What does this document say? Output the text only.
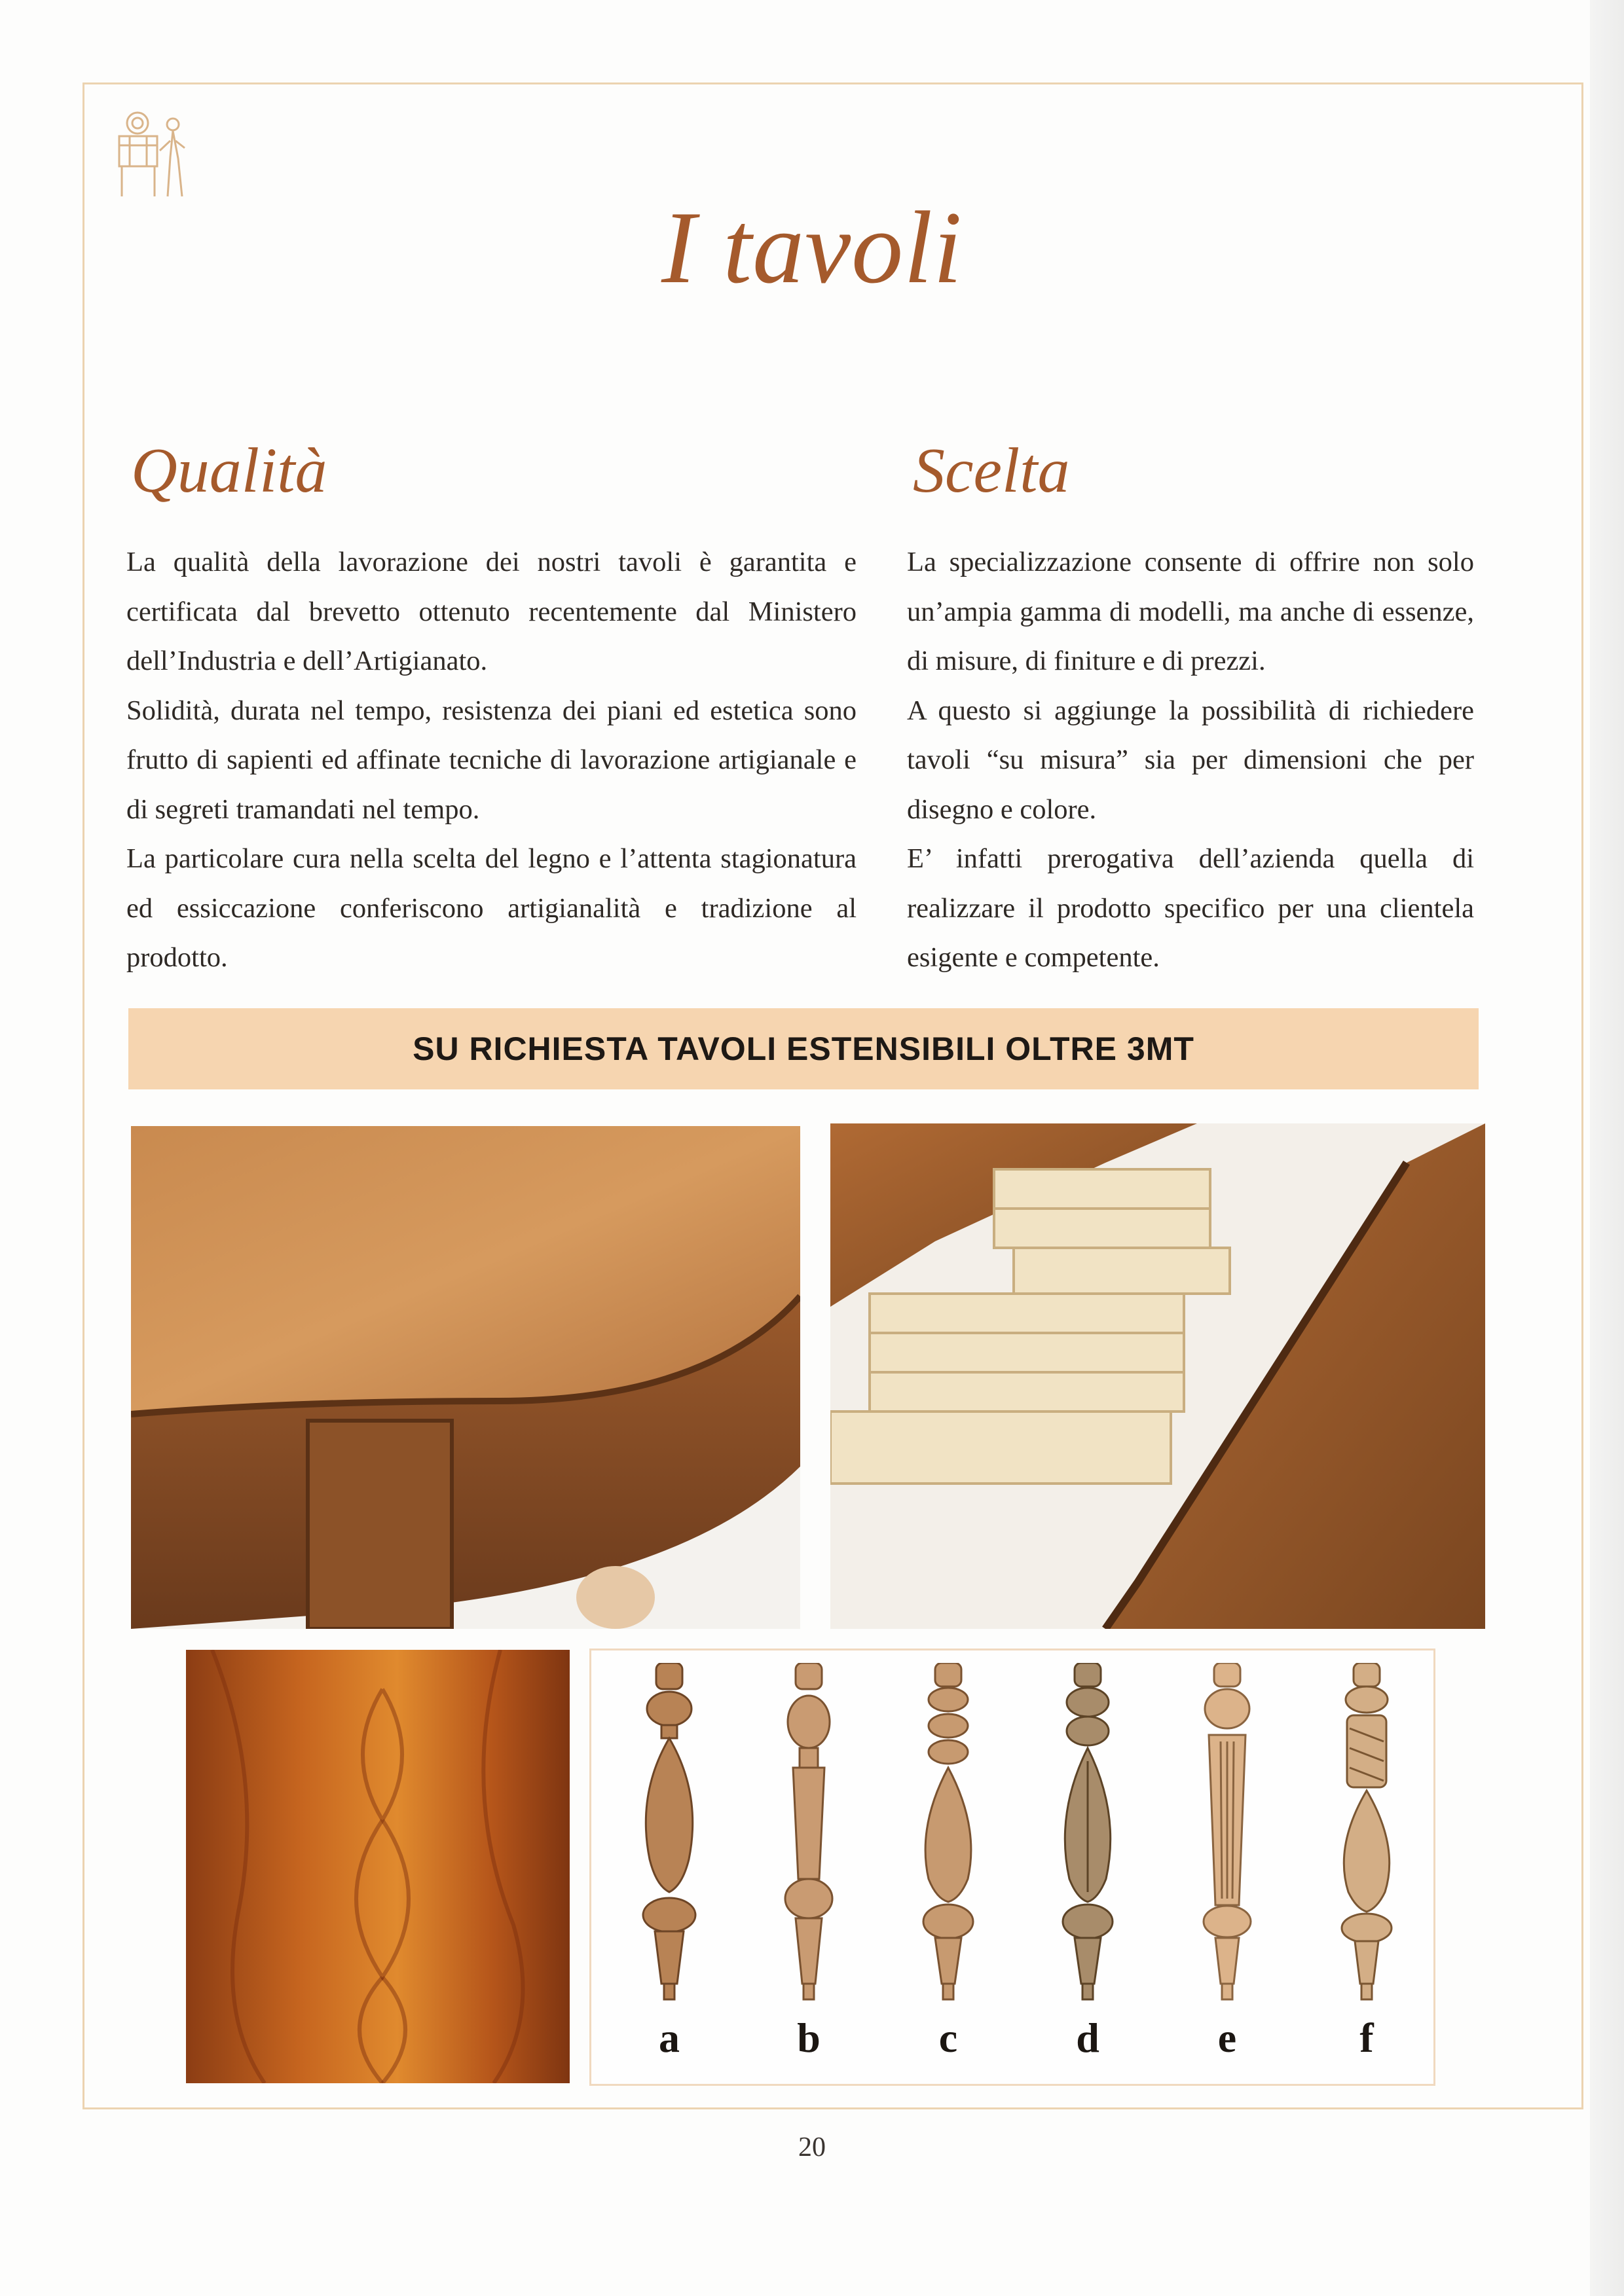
I tavoli
Qualità	Scelta

La qualità della lavorazione dei nostri tavoli è garantita e certificata dal brevetto ottenuto recentemente dal Ministero dell’Industria e dell’Artigianato.

Solidità, durata nel tempo, resistenza dei piani ed estetica sono frutto di sapienti ed affinate tecniche di lavorazione artigianale e di segreti tramandati nel tempo.

La particolare cura nella scelta del legno e l’attenta stagionatura ed essiccazione conferiscono artigianalità e tradizione al prodotto.

La specializzazione consente di offrire non solo un’ampia gamma di modelli, ma anche di essenze, di misure, di finiture e di prezzi.

A questo si aggiunge la possibilità di richiedere tavoli “su misura” sia per dimensioni che per disegno e colore.

E’ infatti prerogativa dell’azienda quella di realizzare il prodotto specifico per una clientela esigente e competente.

SU RICHIESTA TAVOLI ESTENSIBILI OLTRE 3MT
a	b	c	d	e	f
20
